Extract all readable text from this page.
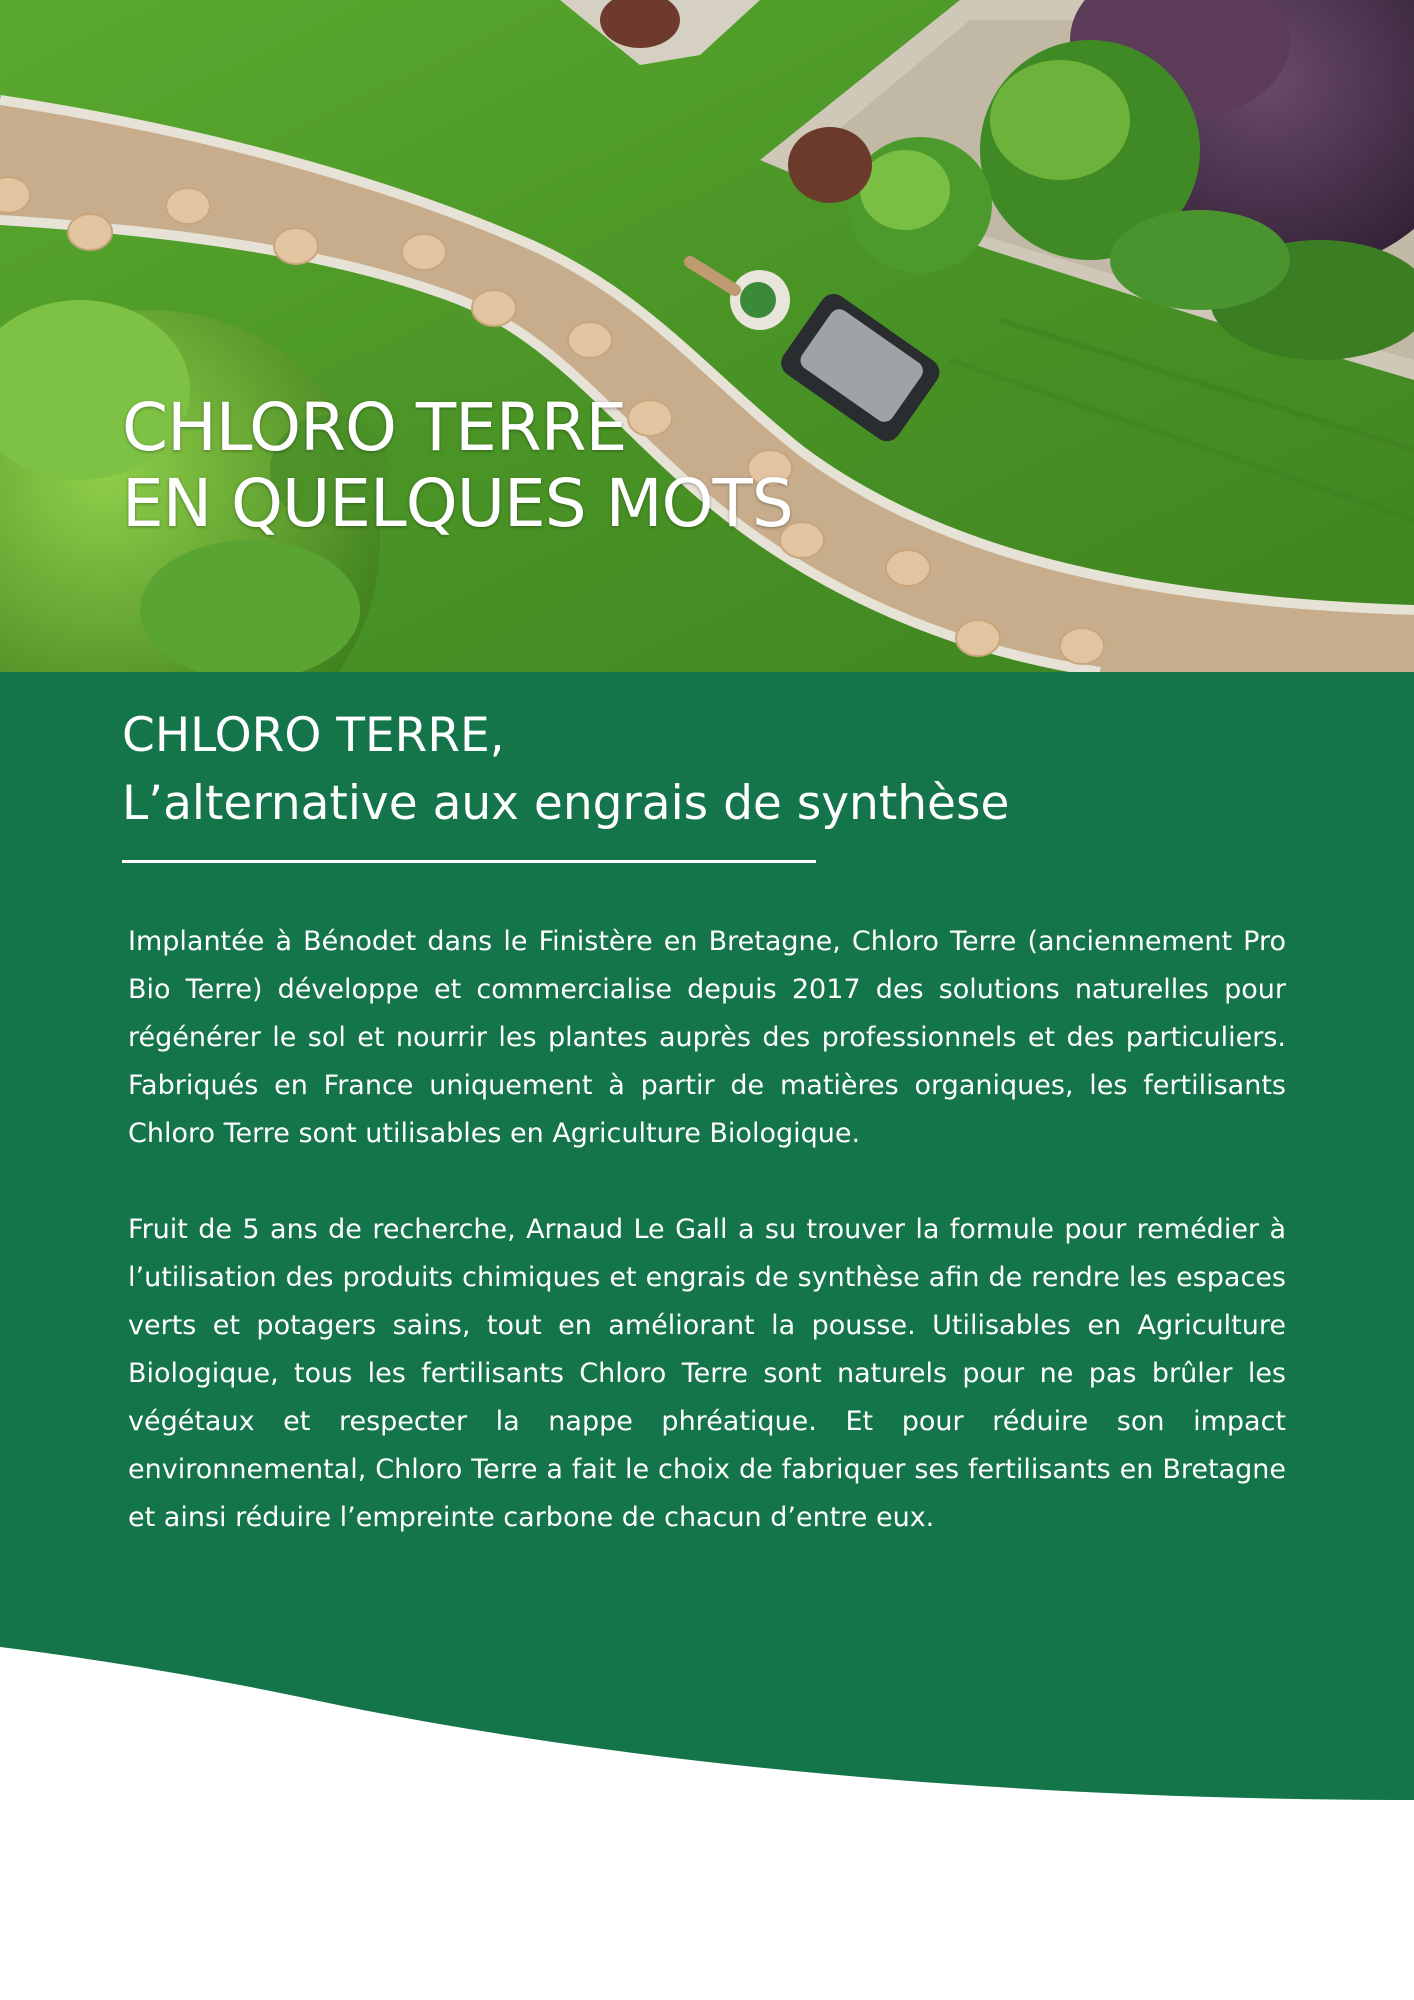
CHLORO TERRE
EN QUELQUES MOTS
CHLORO TERRE,
L’alternative aux engrais de synthèse

Implantée à Bénodet dans le Finistère en Bretagne, Chloro Terre (anciennement Pro Bio Terre) développe et commercialise depuis 2017 des solutions naturelles pour régénérer le sol et nourrir les plantes auprès des professionnels et des particuliers. Fabriqués en France uniquement à partir de matières organiques, les fertilisants Chloro Terre sont utilisables en Agriculture Biologique.

Fruit de 5 ans de recherche, Arnaud Le Gall a su trouver la formule pour remédier à l’utilisation des produits chimiques et engrais de synthèse afin de rendre les espaces verts et potagers sains, tout en améliorant la pousse. Utilisables en Agriculture Biologique, tous les fertilisants Chloro Terre sont naturels pour ne pas brûler les végétaux et respecter la nappe phréatique. Et pour réduire son impact environnemental, Chloro Terre a fait le choix de fabriquer ses fertilisants en Bretagne et ainsi réduire l’empreinte carbone de chacun d’entre eux.
